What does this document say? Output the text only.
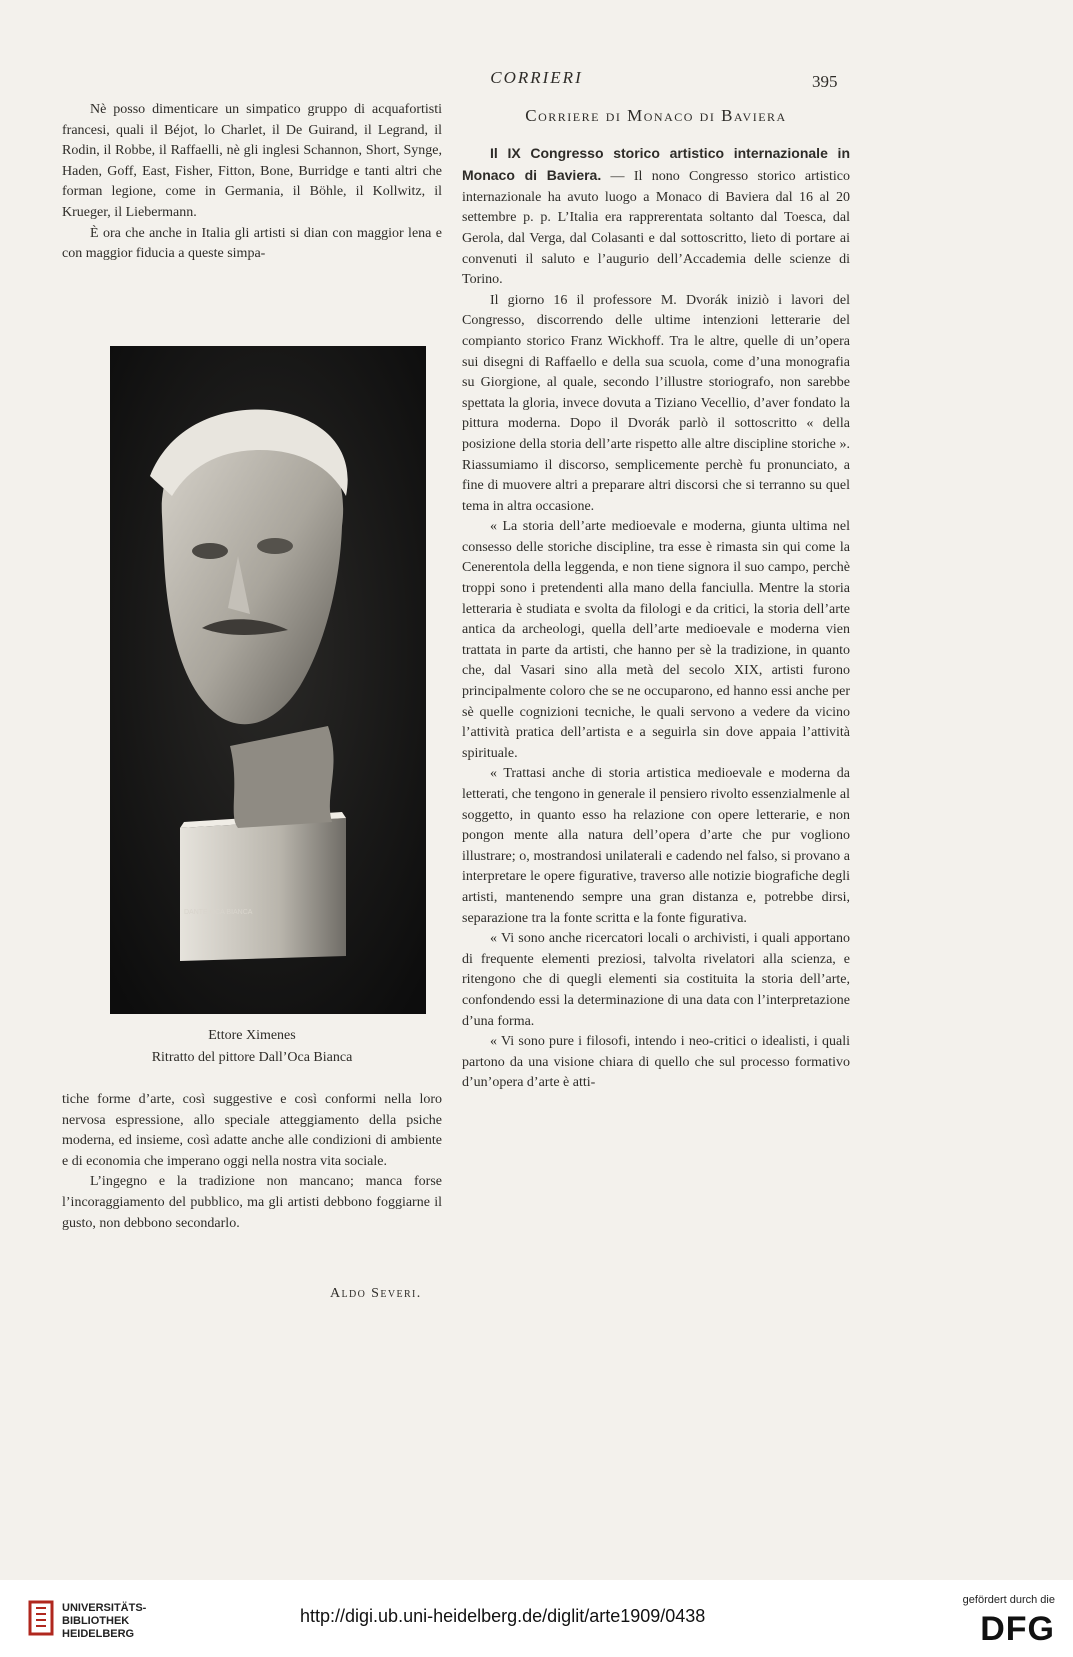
CORRIERI	395

Nè posso dimenticare un simpatico gruppo di acquafortisti francesi, quali il Béjot, lo Charlet, il De Guirand, il Legrand, il Rodin, il Robbe, il Raffaelli, nè gli inglesi Schannon, Short, Synge, Haden, Goff, East, Fisher, Fitton, Bone, Burridge e tanti altri che forman legione, come in Germania, il Böhle, il Kollwitz, il Krueger, il Liebermann.

È ora che anche in Italia gli artisti si dian con maggior lena e con maggior fiducia a queste simpa-

DANTE OCA BIANCA
Ettore Ximenes
Ritratto del pittore Dall’Oca Bianca

tiche forme d’arte, così suggestive e così conformi nella loro nervosa espressione, allo speciale atteggiamento della psiche moderna, ed insieme, così adatte anche alle condizioni di ambiente e di economia che imperano oggi nella nostra vita sociale.

L’ingegno e la tradizione non mancano; manca forse l’incoraggiamento del pubblico, ma gli artisti debbono foggiarne il gusto, non debbono secondarlo.

Aldo Severi.
Corriere di Monaco di Baviera

Il IX Congresso storico artistico internazionale in Monaco di Baviera. — Il nono Congresso storico artistico internazionale ha avuto luogo a Monaco di Baviera dal 16 al 20 settembre p. p. L’Italia era rapprerentata soltanto dal Toesca, dal Gerola, dal Verga, dal Colasanti e dal sottoscritto, lieto di portare ai convenuti il saluto e l’augurio dell’Accademia delle scienze di Torino.

Il giorno 16 il professore M. Dvorák iniziò i lavori del Congresso, discorrendo delle ultime intenzioni letterarie del compianto storico Franz Wickhoff. Tra le altre, quelle di un’opera sui disegni di Raffaello e della sua scuola, come d’una monografia su Giorgione, al quale, secondo l’illustre storiografo, non sarebbe spettata la gloria, invece dovuta a Tiziano Vecellio, d’aver fondato la pittura moderna. Dopo il Dvorák parlò il sottoscritto « della posizione della storia dell’arte rispetto alle altre discipline storiche ». Riassumiamo il discorso, semplicemente perchè fu pronunciato, a fine di muovere altri a preparare altri discorsi che si terranno su quel tema in altra occasione.

« La storia dell’arte medioevale e moderna, giunta ultima nel consesso delle storiche discipline, tra esse è rimasta sin qui come la Cenerentola della leggenda, e non tiene signora il suo campo, perchè troppi sono i pretendenti alla mano della fanciulla. Mentre la storia letteraria è studiata e svolta da filologi e da critici, la storia dell’arte antica da archeologi, quella dell’arte medioevale e moderna vien trattata in parte da artisti, che hanno per sè la tradizione, in quanto che, dal Vasari sino alla metà del secolo XIX, artisti furono principalmente coloro che se ne occuparono, ed hanno essi anche per sè quelle cognizioni tecniche, le quali servono a vedere da vicino l’attività pratica dell’artista e a seguirla sin dove appaia l’attività spirituale.

« Trattasi anche di storia artistica medioevale e moderna da letterati, che tengono in generale il pensiero rivolto essenzialmenle al soggetto, in quanto esso ha relazione con opere letterarie, e non pongon mente alla natura dell’opera d’arte che pur vogliono illustrare; o, mostrandosi unilaterali e cadendo nel falso, si provano a interpretare le opere figurative, traverso alle notizie biografiche degli artisti, mantenendo sempre una gran distanza e, potrebbe dirsi, separazione tra la fonte scritta e la fonte figurativa.

« Vi sono anche ricercatori locali o archivisti, i quali apportano di frequente elementi preziosi, talvolta rivelatori alla scienza, e ritengono che di quegli elementi sia costituita la storia dell’arte, confondendo essi la determinazione di una data con l’interpretazione d’una forma.

« Vi sono pure i filosofi, intendo i neo-critici o idealisti, i quali partono da una visione chiara di quello che sul processo formativo d’un’opera d’arte è atti-

UNIVERSITÄTS-
BIBLIOTHEK
HEIDELBERG
http://digi.ub.uni-heidelberg.de/diglit/arte1909/0438
gefördert durch die
DFG
